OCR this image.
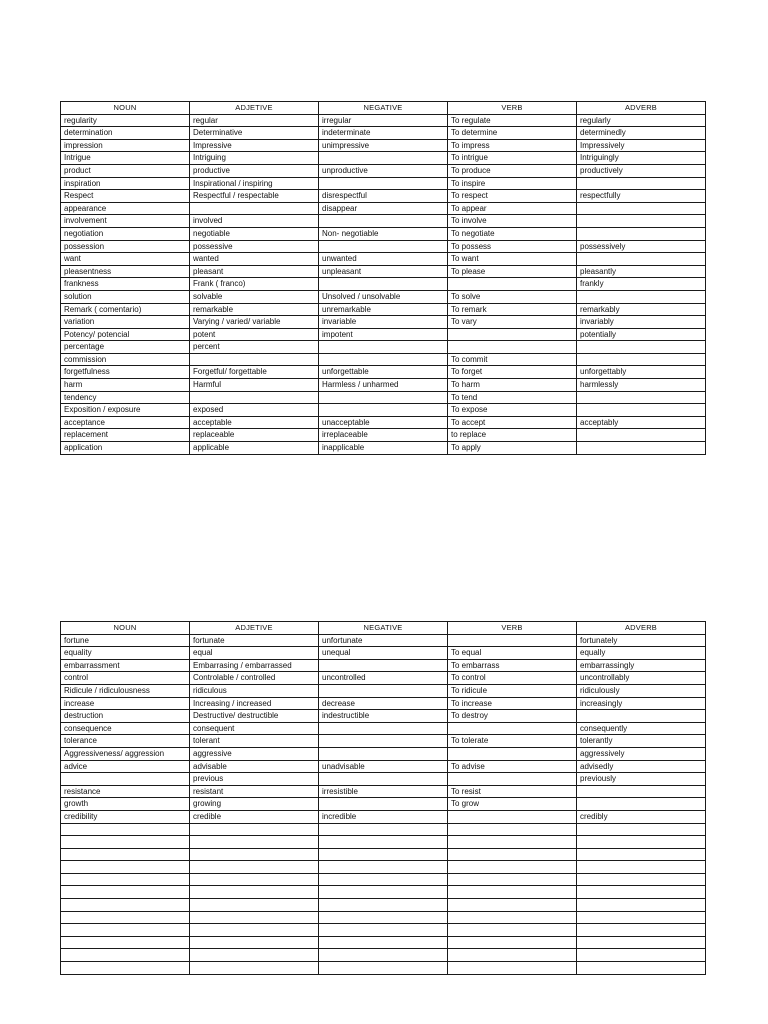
NOUN	ADJETIVE	NEGATIVE	VERB	ADVERB
regularity	regular	irregular	To regulate	regularly
determination	Determinative	indeterminate	To determine	determinedly
impression	Impressive	unimpressive	To impress	Impressively
Intrigue	Intriguing		To intrigue	Intriguingly
product	productive	unproductive	To produce	productively
inspiration	Inspirational / inspiring		To inspire	
Respect	Respectful / respectable	disrespectful	To respect	respectfully
appearance		disappear	To appear	
involvement	involved		To involve	
negotiation	negotiable	Non- negotiable	To negotiate	
possession	possessive		To possess	possessively
want	wanted	unwanted	To want	
pleasentness	pleasant	unpleasant	To please	pleasantly
frankness	Frank ( franco)			frankly
solution	solvable	Unsolved / unsolvable	To solve	
Remark ( comentario)	remarkable	unremarkable	To remark	remarkably
variation	Varying / varied/ variable	invariable	To vary	invariably
Potency/ potencial	potent	impotent		potentially
percentage	percent			
commission			To commit	
forgetfulness	Forgetful/ forgettable	unforgettable	To forget	unforgettably
harm	Harmful	Harmless / unharmed	To harm	harmlessly
tendency			To tend	
Exposition / exposure	exposed		To expose	
acceptance	acceptable	unacceptable	To accept	acceptably
replacement	replaceable	irreplaceable	to replace	
application	applicable	inapplicable	To apply	
NOUN	ADJETIVE	NEGATIVE	VERB	ADVERB
fortune	fortunate	unfortunate		fortunately
equality	equal	unequal	To equal	equally
embarrassment	Embarrasing / embarrassed		To embarrass	embarrassingly
control	Controlable / controlled	uncontrolled	To control	uncontrollably
Ridicule / ridiculousness	ridiculous		To ridicule	ridiculously
increase	Increasing / increased	decrease	To increase	increasingly
destruction	Destructive/ destructible	indestructible	To destroy	
consequence	consequent			consequently
tolerance	tolerant		To tolerate	tolerantly
Aggressiveness/ aggression	aggressive			aggressively
advice	advisable	unadvisable	To advise	advisedly
	previous			previously
resistance	resistant	irresistible	To resist	
growth	growing		To grow	
credibility	credible	incredible		credibly
